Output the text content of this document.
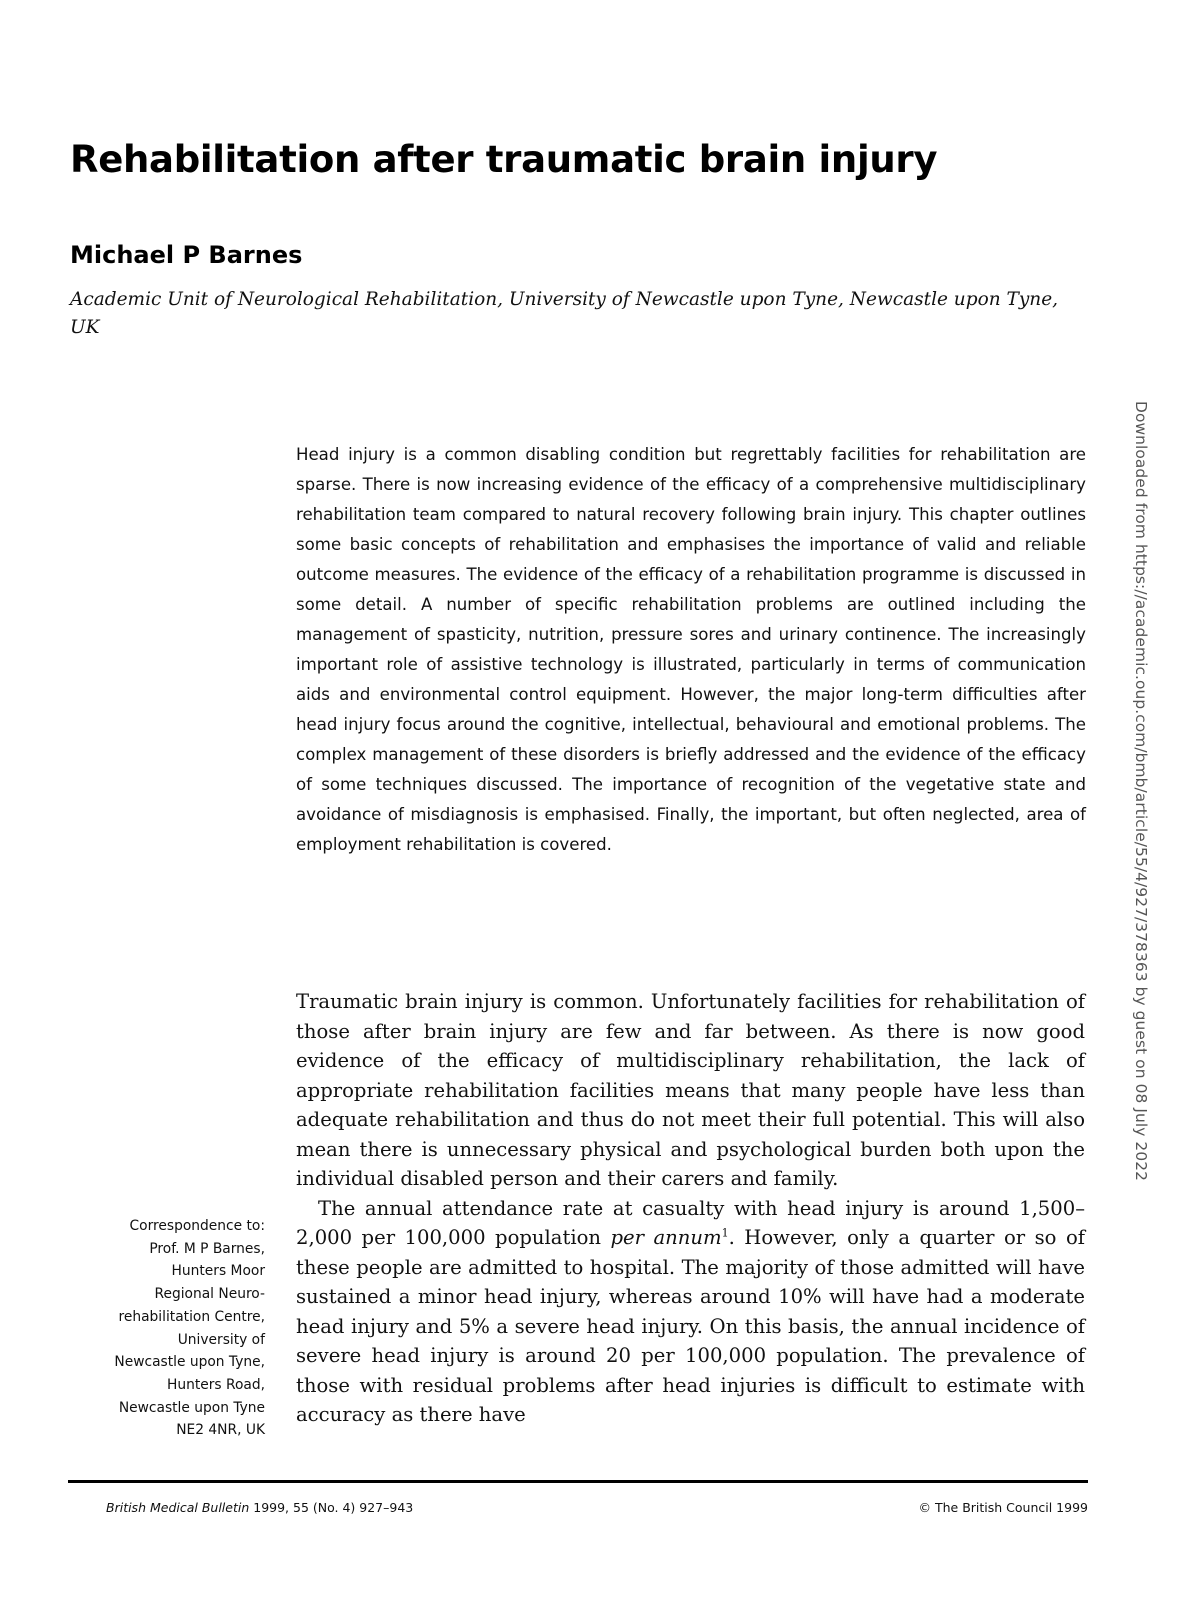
Rehabilitation after traumatic brain injury
Michael P Barnes
Academic Unit of Neurological Rehabilitation, University of Newcastle upon Tyne, Newcastle upon Tyne, UK
Head injury is a common disabling condition but regrettably facilities for rehabilitation are sparse. There is now increasing evidence of the efficacy of a comprehensive multidisciplinary rehabilitation team compared to natural recovery following brain injury. This chapter outlines some basic concepts of rehabilitation and emphasises the importance of valid and reliable outcome measures. The evidence of the efficacy of a rehabilitation programme is discussed in some detail. A number of specific rehabilitation problems are outlined including the management of spasticity, nutrition, pressure sores and urinary continence. The increasingly important role of assistive technology is illustrated, particularly in terms of communication aids and environmental control equipment. However, the major long-term difficulties after head injury focus around the cognitive, intellectual, behavioural and emotional problems. The complex management of these disorders is briefly addressed and the evidence of the efficacy of some techniques discussed. The importance of recognition of the vegetative state and avoidance of misdiagnosis is emphasised. Finally, the important, but often neglected, area of employment rehabilitation is covered.

Traumatic brain injury is common. Unfortunately facilities for rehabilitation of those after brain injury are few and far between. As there is now good evidence of the efficacy of multidisciplinary rehabilitation, the lack of appropriate rehabilitation facilities means that many people have less than adequate rehabilitation and thus do not meet their full potential. This will also mean there is unnecessary physical and psychological burden both upon the individual disabled person and their carers and family.

The annual attendance rate at casualty with head injury is around 1,500–2,000 per 100,000 population per annum$^1$. However, only a quarter or so of these people are admitted to hospital. The majority of those admitted will have sustained a minor head injury, whereas around 10% will have had a moderate head injury and 5% a severe head injury. On this basis, the annual incidence of severe head injury is around 20 per 100,000 population. The prevalence of those with residual problems after head injuries is difficult to estimate with accuracy as there have

Correspondence to:
Prof. M P Barnes,
Hunters Moor
Regional Neuro-
rehabilitation Centre,
University of
Newcastle upon Tyne,
Hunters Road,
Newcastle upon Tyne
NE2 4NR, UK
British Medical Bulletin 1999, 55 (No. 4) 927–943	© The British Council 1999
Downloaded from https://academic.oup.com/bmb/article/55/4/927/378363 by guest on 08 July 2022
